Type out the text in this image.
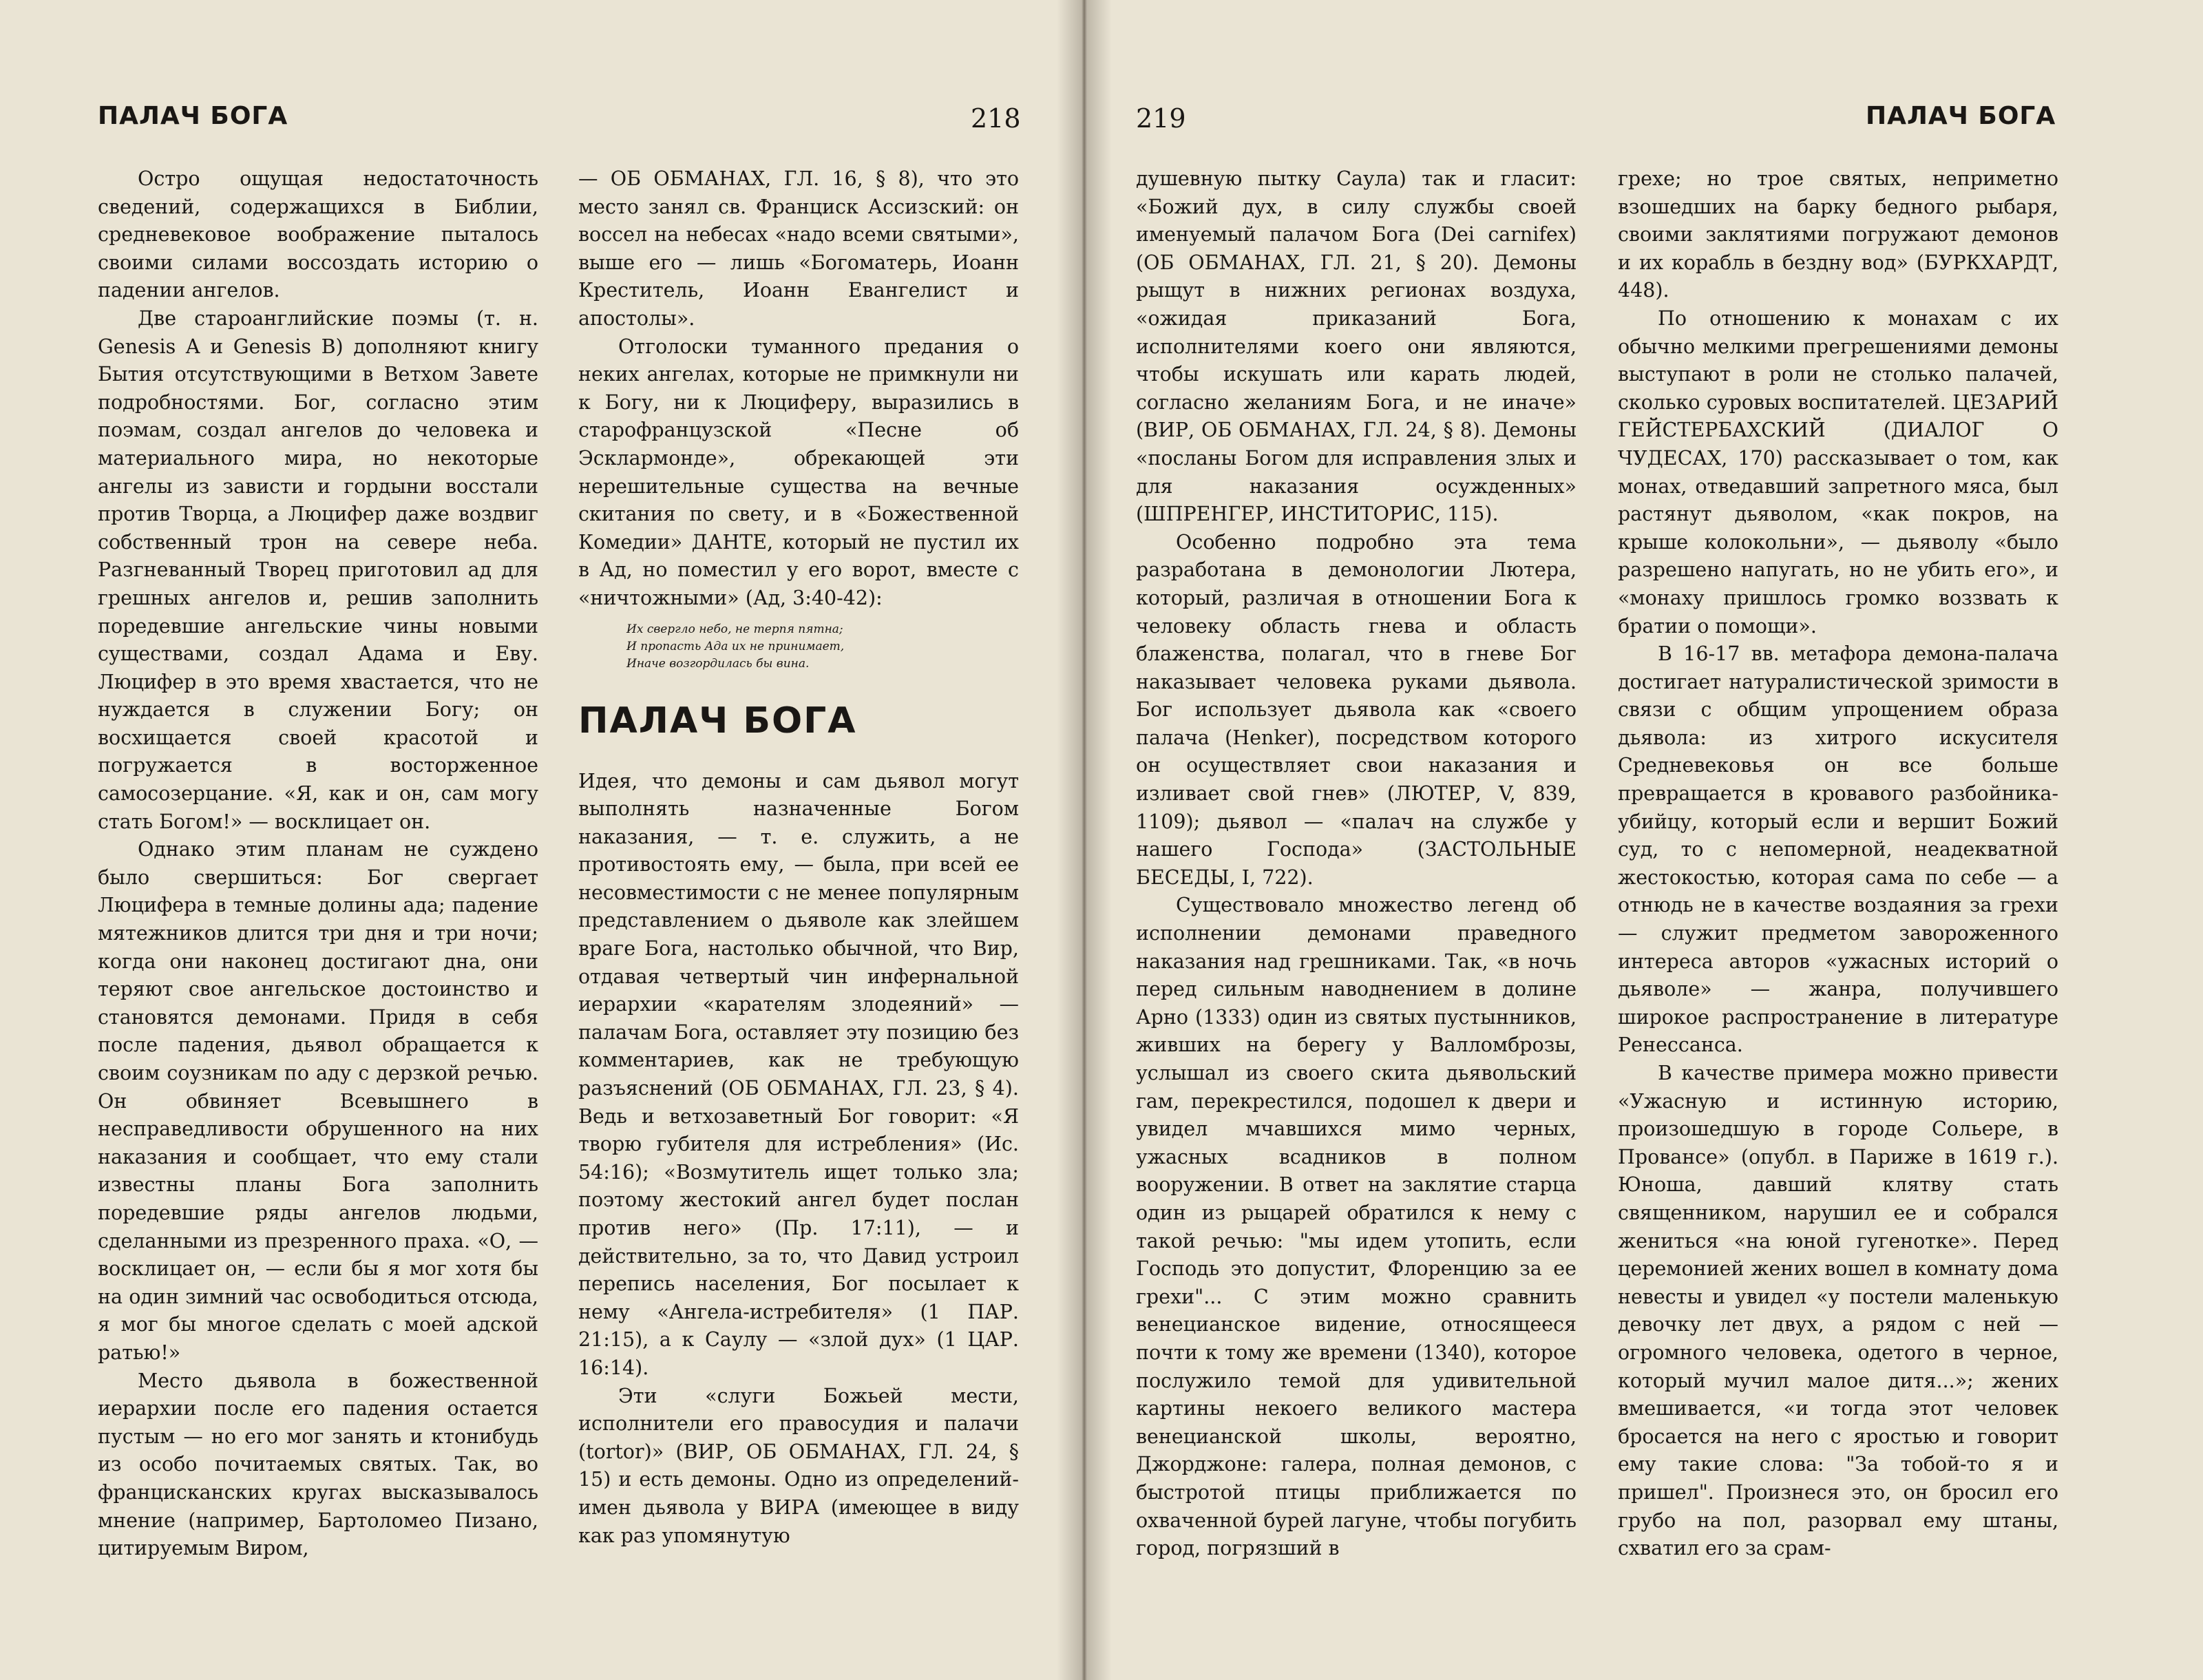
ПАЛАЧ БОГА	218

Остро ощущая недостаточность сведений, содержащихся в Библии, средневековое воображение пыталось своими силами воссоздать историю о падении ангелов.

Две староанглийские поэмы (т. н. Genesis A и Genesis B) дополняют книгу Бытия отсутствующими в Ветхом Завете подробностями. Бог, согласно этим поэмам, создал ангелов до человека и материального мира, но некоторые ангелы из зависти и гордыни восстали против Творца, а Люцифер даже воздвиг собственный трон на севере неба. Разгневанный Творец приготовил ад для грешных ангелов и, решив заполнить поредевшие ангельские чины новыми существами, создал Адама и Еву. Люцифер в это время хвастается, что не нуждается в служении Богу; он восхищается своей красотой и погружается в восторженное самосозерцание. «Я, как и он, сам могу стать Богом!» — восклицает он.

Однако этим планам не суждено было свершиться: Бог свергает Люцифера в темные долины ада; падение мятежников длится три дня и три ночи; когда они наконец достигают дна, они теряют свое ангельское достоинство и становятся демонами. Придя в себя после падения, дьявол обращается к своим соузникам по аду с дерзкой речью. Он обвиняет Всевышнего в несправедливости обрушенного на них наказания и сообщает, что ему стали известны планы Бога заполнить поредевшие ряды ангелов людьми, сделанными из презренного праха. «О, — восклицает он, — если бы я мог хотя бы на один зимний час освободиться отсюда, я мог бы многое сделать с моей адской ратью!»

Место дьявола в божественной иерархии после его падения остается пустым — но его мог занять и ктонибудь из особо почитаемых святых. Так, во францисканских кругах высказывалось мнение (например, Бартоломео Пизано, цитируемым Виром,

— ОБ ОБМАНАХ, ГЛ. 16, § 8), что это место занял св. Франциск Ассизский: он воссел на небесах «надо всеми святыми», выше его — лишь «Богоматерь, Иоанн Креститель, Иоанн Евангелист и апостолы».

Отголоски туманного предания о неких ангелах, которые не примкнули ни к Богу, ни к Люциферу, выразились в старофранцузской «Песне об Эсклармонде», обрекающей эти нерешительные существа на вечные скитания по свету, и в «Божественной Комедии» ДАНТЕ, который не пустил их в Ад, но поместил у его ворот, вместе с «ничтожными» (Ад, 3:40-42):

Их свергло небо, не терпя пятна;
И пропасть Ада их не принимает,
Иначе возгордилась бы вина.
ПАЛАЧ БОГА

Идея, что демоны и сам дьявол могут выполнять назначенные Богом наказания, — т. е. служить, а не противостоять ему, — была, при всей ее несовместимости с не менее популярным представлением о дьяволе как злейшем враге Бога, настолько обычной, что Вир, отдавая четвертый чин инфернальной иерархии «карателям злодеяний» — палачам Бога, оставляет эту позицию без комментариев, как не требующую разъяснений (ОБ ОБМАНАХ, ГЛ. 23, § 4). Ведь и ветхозаветный Бог говорит: «Я творю губителя для истребления» (Ис. 54:16); «Возмутитель ищет только зла; поэтому жестокий ангел будет послан против него» (Пр. 17:11), — и действительно, за то, что Давид устроил перепись населения, Бог посылает к нему «Ангела-истребителя» (1 ПАР. 21:15), а к Саулу — «злой дух» (1 ЦАР. 16:14).

Эти «слуги Божьей мести, исполнители его правосудия и палачи (tortor)» (ВИР, ОБ ОБМАНАХ, ГЛ. 24, § 15) и есть демоны. Одно из определений-имен дьявола у ВИРА (имеющее в виду как раз упомянутую

219	ПАЛАЧ БОГА

душевную пытку Саула) так и гласит: «Божий дух, в силу службы своей именуемый палачом Бога (Dei carnifex) (ОБ ОБМАНАХ, ГЛ. 21, § 20). Демоны рыщут в нижних регионах воздуха, «ожидая приказаний Бога, исполнителями коего они являются, чтобы искушать или карать людей, согласно желаниям Бога, и не иначе» (ВИР, ОБ ОБМАНАХ, ГЛ. 24, § 8). Демоны «посланы Богом для исправления злых и для наказания осужденных» (ШПРЕНГЕР, ИНСТИТОРИС, 115).

Особенно подробно эта тема разработана в демонологии Лютера, который, различая в отношении Бога к человеку область гнева и область блаженства, полагал, что в гневе Бог наказывает человека руками дьявола. Бог использует дьявола как «своего палача (Henker), посредством которого он осуществляет свои наказания и изливает свой гнев» (ЛЮТЕР, V, 839, 1109); дьявол — «палач на службе у нашего Господа» (ЗАСТОЛЬНЫЕ БЕСЕДЫ, I, 722).

Существовало множество легенд об исполнении демонами праведного наказания над грешниками. Так, «в ночь перед сильным наводнением в долине Арно (1333) один из святых пустынников, живших на берегу у Валломброзы, услышал из своего скита дьявольский гам, перекрестился, подошел к двери и увидел мчавшихся мимо черных, ужасных всадников в полном вооружении. В ответ на заклятие старца один из рыцарей обратился к нему с такой речью: "мы идем утопить, если Господь это допустит, Флоренцию за ее грехи"... С этим можно сравнить венецианское видение, относящееся почти к тому же времени (1340), которое послужило темой для удивительной картины некоего великого мастера венецианской школы, вероятно, Джорджоне: галера, полная демонов, с быстротой птицы приближается по охваченной бурей лагуне, чтобы погубить город, погрязший в

грехе; но трое святых, неприметно взошедших на барку бедного рыбаря, своими заклятиями погружают демонов и их корабль в бездну вод» (БУРКХАРДТ, 448).

По отношению к монахам с их обычно мелкими прегрешениями демоны выступают в роли не столько палачей, сколько суровых воспитателей. ЦЕЗАРИЙ ГЕЙСТЕРБАХСКИЙ (ДИАЛОГ О ЧУДЕСАХ, 170) рассказывает о том, как монах, отведавший запретного мяса, был растянут дьяволом, «как покров, на крыше колокольни», — дьяволу «было разрешено напугать, но не убить его», и «монаху пришлось громко воззвать к братии о помощи».

В 16-17 вв. метафора демона-палача достигает натуралистической зримости в связи с общим упрощением образа дьявола: из хитрого искусителя Средневековья он все больше превращается в кровавого разбойника-убийцу, который если и вершит Божий суд, то с непомерной, неадекватной жестокостью, которая сама по себе — а отнюдь не в качестве воздаяния за грехи — служит предметом завороженного интереса авторов «ужасных историй о дьяволе» — жанра, получившего широкое распространение в литературе Ренессанса.

В качестве примера можно привести «Ужасную и истинную историю, произошедшую в городе Сольере, в Провансе» (опубл. в Париже в 1619 г.). Юноша, давший клятву стать священником, нарушил ее и собрался жениться «на юной гугенотке». Перед церемонией жених вошел в комнату дома невесты и увидел «у постели маленькую девочку лет двух, а рядом с ней — огромного человека, одетого в черное, который мучил малое дитя...»; жених вмешивается, «и тогда этот человек бросается на него с яростью и говорит ему такие слова: "За тобой-то я и пришел". Произнеся это, он бросил его грубо на пол, разорвал ему штаны, схватил его за срам-
